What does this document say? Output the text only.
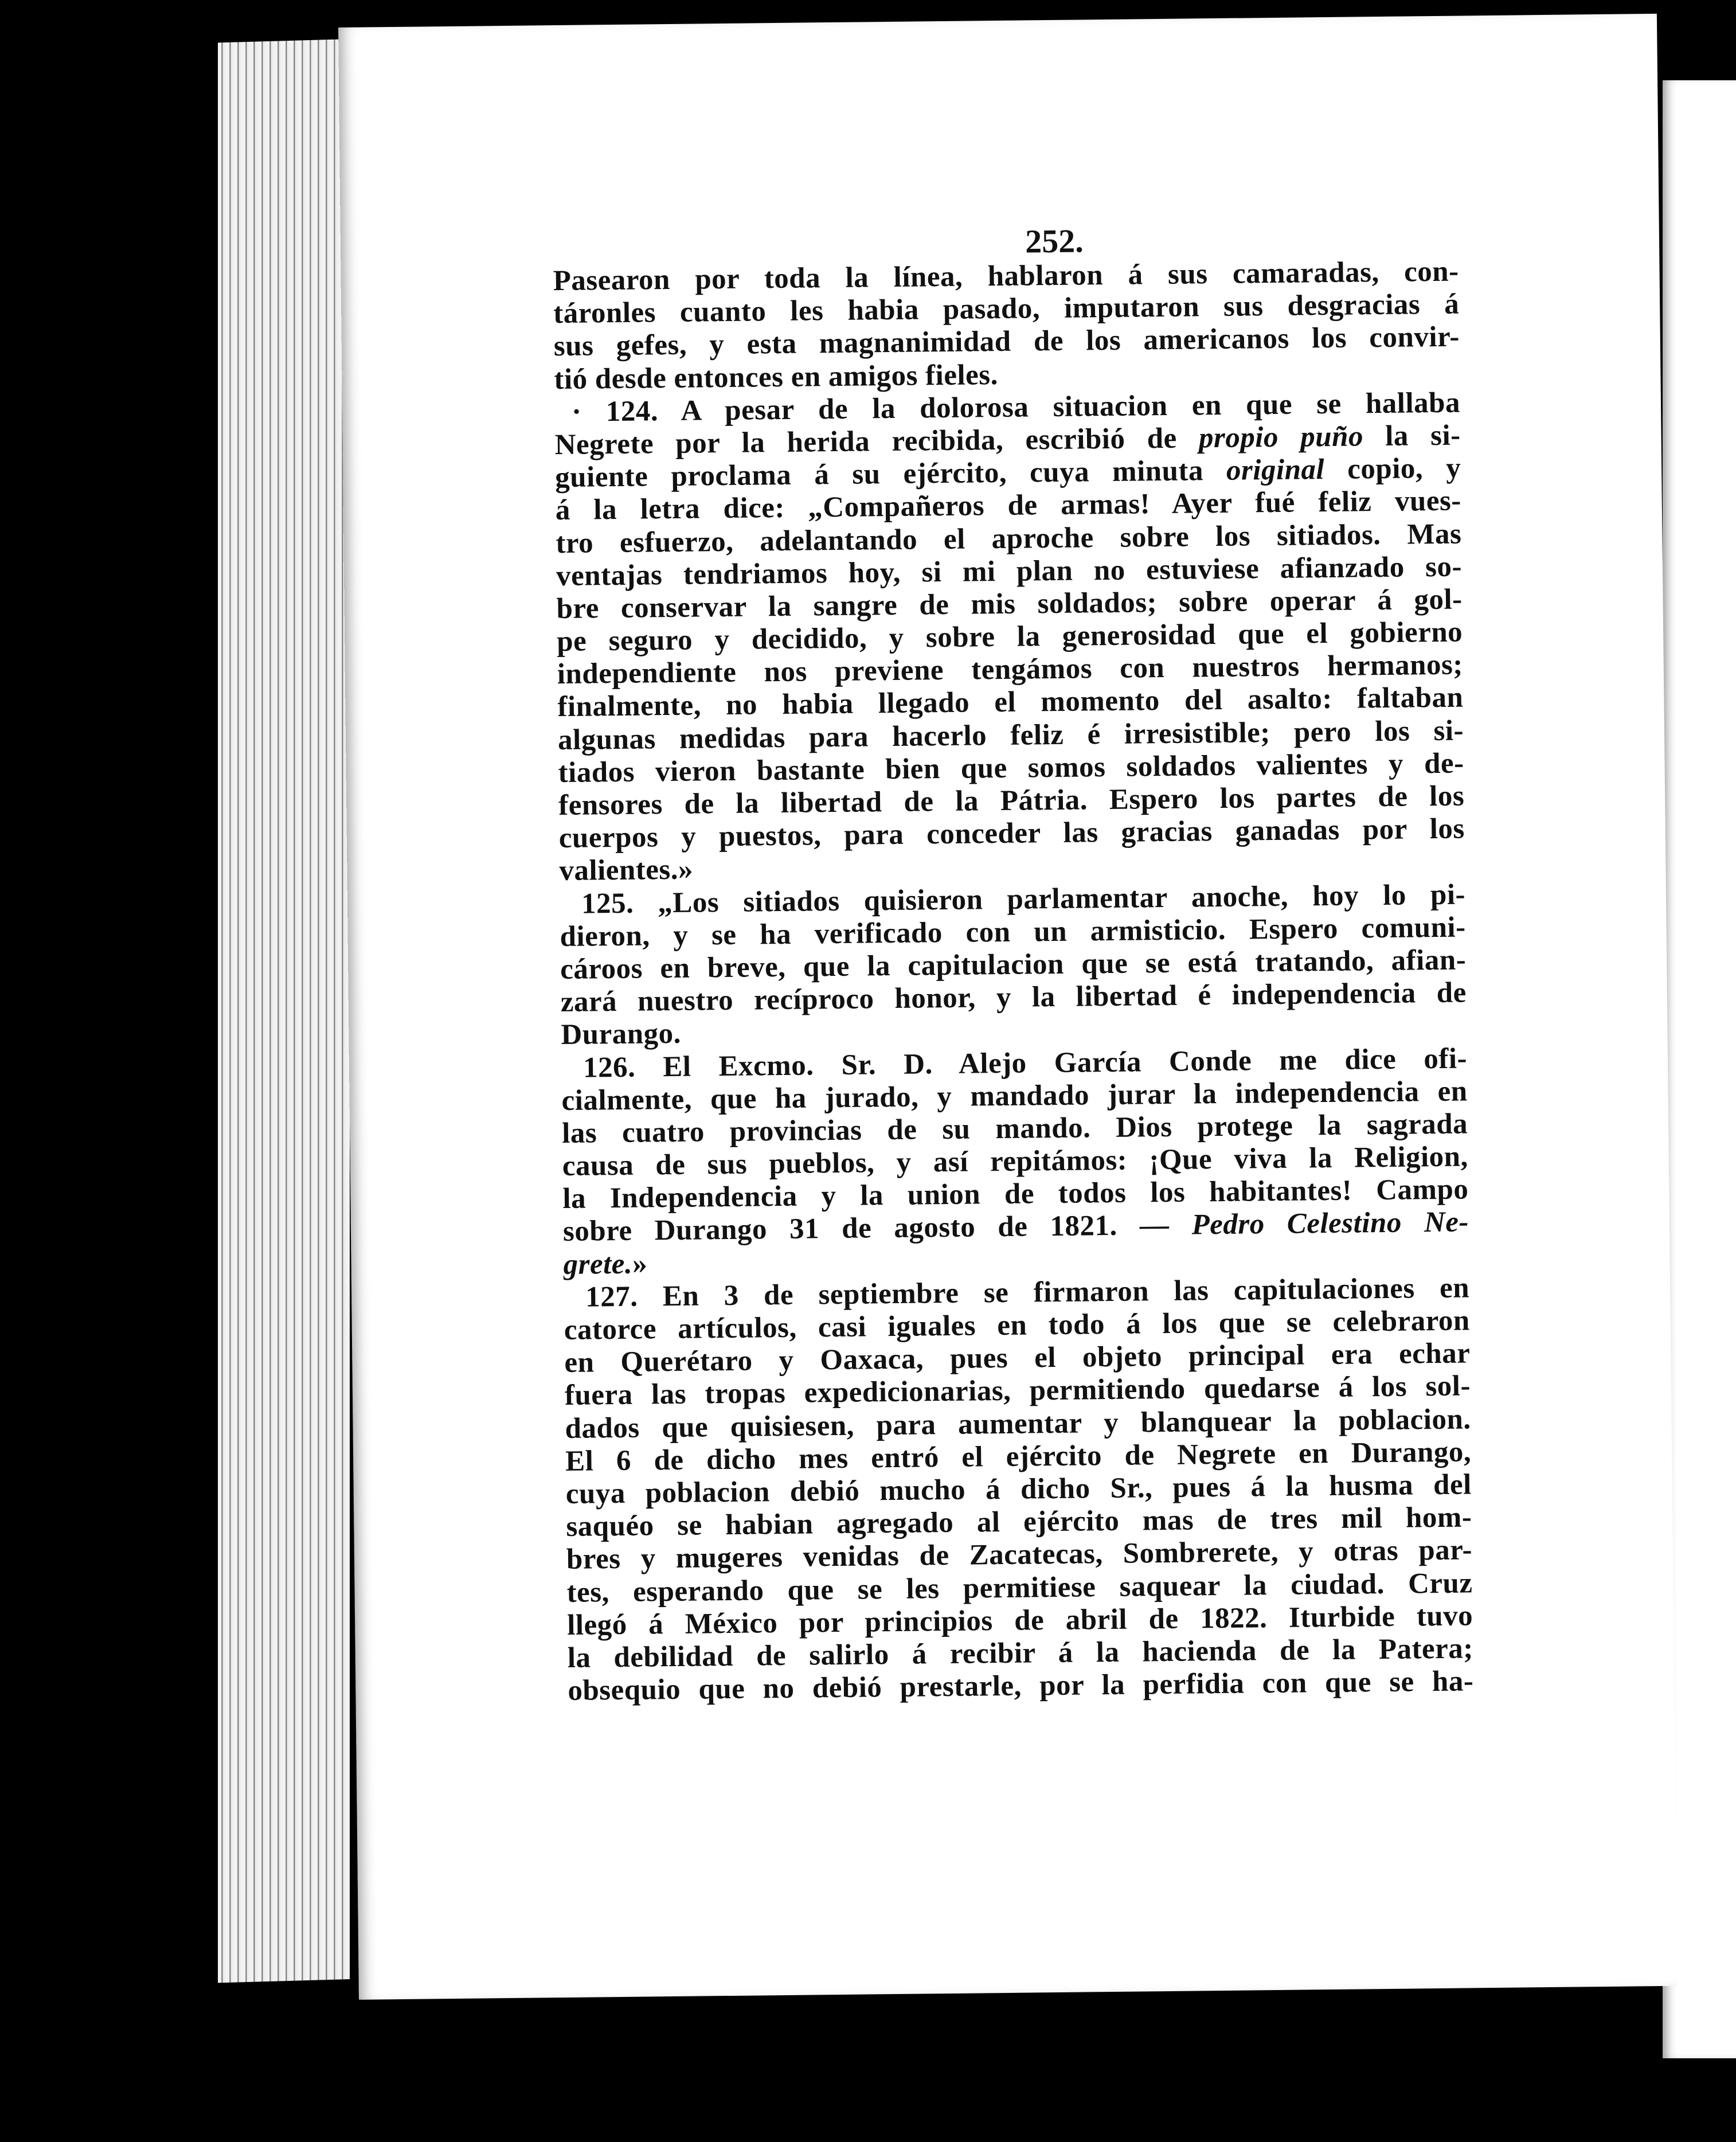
252.
Pasearon por toda la línea, hablaron á sus camaradas, con-
táronles cuanto les habia pasado, imputaron sus desgracias á
sus gefes, y esta magnanimidad de los americanos los convir-
tió desde entonces en amigos fieles.
· 124. A pesar de la dolorosa situacion en que se hallaba
Negrete por la herida recibida, escribió de propio puño la si-
guiente proclama á su ejército, cuya minuta original copio, y
á la letra dice: „Compañeros de armas! Ayer fué feliz vues-
tro esfuerzo, adelantando el aproche sobre los sitiados. Mas
ventajas tendriamos hoy, si mi plan no estuviese afianzado so-
bre conservar la sangre de mis soldados; sobre operar á gol-
pe seguro y decidido, y sobre la generosidad que el gobierno
independiente nos previene tengámos con nuestros hermanos;
finalmente, no habia llegado el momento del asalto: faltaban
algunas medidas para hacerlo feliz é irresistible; pero los si-
tiados vieron bastante bien que somos soldados valientes y de-
fensores de la libertad de la Pátria. Espero los partes de los
cuerpos y puestos, para conceder las gracias ganadas por los
valientes.»
125. „Los sitiados quisieron parlamentar anoche, hoy lo pi-
dieron, y se ha verificado con un armisticio. Espero comuni-
cároos en breve, que la capitulacion que se está tratando, afian-
zará nuestro recíproco honor, y la libertad é independencia de
Durango.
126. El Excmo. Sr. D. Alejo García Conde me dice ofi-
cialmente, que ha jurado, y mandado jurar la independencia en
las cuatro provincias de su mando. Dios protege la sagrada
causa de sus pueblos, y así repitámos: ¡Que viva la Religion,
la Independencia y la union de todos los habitantes! Campo
sobre Durango 31 de agosto de 1821. — Pedro Celestino Ne-
grete.»
127. En 3 de septiembre se firmaron las capitulaciones en
catorce artículos, casi iguales en todo á los que se celebraron
en Querétaro y Oaxaca, pues el objeto principal era echar
fuera las tropas expedicionarias, permitiendo quedarse á los sol-
dados que quisiesen, para aumentar y blanquear la poblacion.
El 6 de dicho mes entró el ejército de Negrete en Durango,
cuya poblacion debió mucho á dicho Sr., pues á la husma del
saquéo se habian agregado al ejército mas de tres mil hom-
bres y mugeres venidas de Zacatecas, Sombrerete, y otras par-
tes, esperando que se les permitiese saquear la ciudad. Cruz
llegó á México por principios de abril de 1822. Iturbide tuvo
la debilidad de salirlo á recibir á la hacienda de la Patera;
obsequio que no debió prestarle, por la perfidia con que se ha-
